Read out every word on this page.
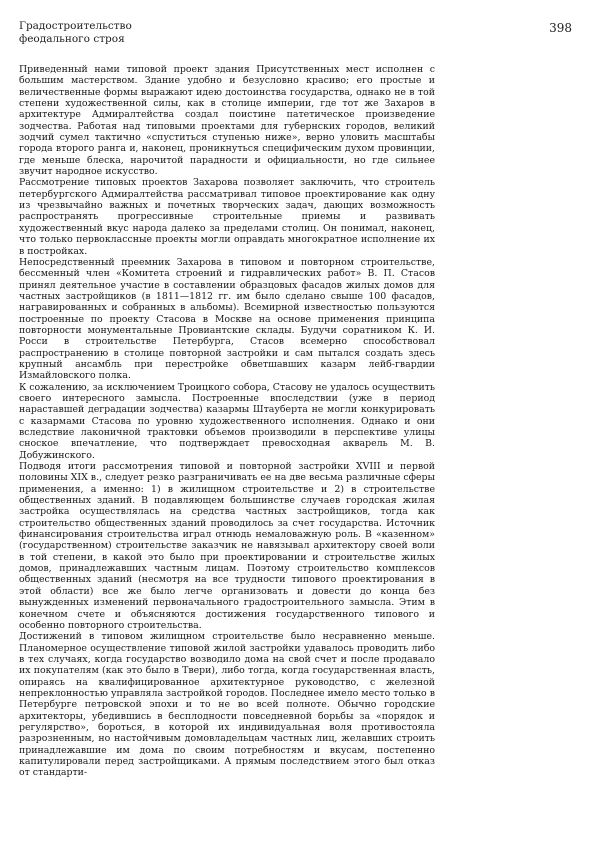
Градостроительство
феодального строя
398

Приведенный нами типовой проект здания Присутственных мест исполнен с большим мастерством. Здание удобно и безусловно красиво; его простые и величественные формы выражают идею достоинства государства, однако не в той степени художественной силы, как в столице империи, где тот же Захаров в архитектуре Адмиралтейства создал поистине патетическое произведение зодчества. Работая над типовыми проектами для губернских городов, великий зодчий сумел тактично «спуститься ступенью ниже», верно уловить масштабы города второго ранга и, наконец, проникнуться специфическим духом провинции, где меньше блеска, нарочитой парадности и официальности, но где сильнее звучит народное искусство.

Рассмотрение типовых проектов Захарова позволяет заключить, что строитель петербургского Адмиралтейства рассматривал типовое проектирование как одну из чрезвычайно важных и почетных творческих задач, дающих возможность распространять прогрессивные строительные приемы и развивать художественный вкус народа далеко за пределами столиц. Он понимал, наконец, что только первоклассные проекты могли оправдать многократное исполнение их в постройках.

Непосредственный преемник Захарова в типовом и повторном строительстве, бессменный член «Комитета строений и гидравлических работ» В. П. Стасов принял деятельное участие в составлении образцовых фасадов жилых домов для частных застройщиков (в 1811—1812 гг. им было сделано свыше 100 фасадов, награвированных и собранных в альбомы). Всемирной известностью пользуются построенные по проекту Стасова в Москве на основе применения принципа повторности монументальные Провиантские склады. Будучи соратником К. И. Росси в строительстве Петербурга, Стасов всемерно способствовал распространению в столице повторной застройки и сам пытался создать здесь крупный ансамбль при перестройке обветшавших казарм лейб-гвардии Измайловского полка.

К сожалению, за исключением Троицкого собора, Стасову не удалось осуществить своего интересного замысла. Построенные впоследствии (уже в период нараставшей деградации зодчества) казармы Штауберта не могли конкурировать с казармами Стасова по уровню художественного исполнения. Однако и они вследствие лаконичной трактовки объемов производили в перспективе улицы сноское впечатление, что подтверждает превосходная акварель М. В. Добужинского.

Подводя итоги рассмотрения типовой и повторной застройки XVIII и первой половины XIX в., следует резко разграничивать ее на две весьма различные сферы применения, а именно: 1) в жилищном строительстве и 2) в строительстве общественных зданий. В подавляющем большинстве случаев городская жилая застройка осуществлялась на средства частных застройщиков, тогда как строительство общественных зданий проводилось за счет государства. Источник финансирования строительства играл отнюдь немаловажную роль. В «казенном» (государственном) строительстве заказчик не навязывал архитектору своей воли в той степени, в какой это было при проектировании и строительстве жилых домов, принадлежавших частным лицам. Поэтому строительство комплексов общественных зданий (несмотря на все трудности типового проектирования в этой области) все же было легче организовать и довести до конца без вынужденных изменений первоначального градостроительного замысла. Этим в конечном счете и объясняются достижения государственного типового и особенно повторного строительства.

Достижений в типовом жилищном строительстве было несравненно меньше. Планомерное осуществление типовой жилой застройки удавалось проводить либо в тех случаях, когда государство возводило дома на свой счет и после продавало их покупателям (как это было в Твери), либо тогда, когда государственная власть, опираясь на квалифицированное архитектурное руководство, с железной непреклонностью управляла застройкой городов. Последнее имело место только в Петербурге петровской эпохи и то не во всей полноте. Обычно городские архитекторы, убедившись в бесплодности повседневной борьбы за «порядок и регулярство», бороться, в которой их индивидуальная воля противостояла разрозненным, но настойчивым домовладельцам частных лиц, желавших строить принадлежавшие им дома по своим потребностям и вкусам, постепенно капитулировали перед застройщиками. А прямым последствием этого был отказ от стандарти-
